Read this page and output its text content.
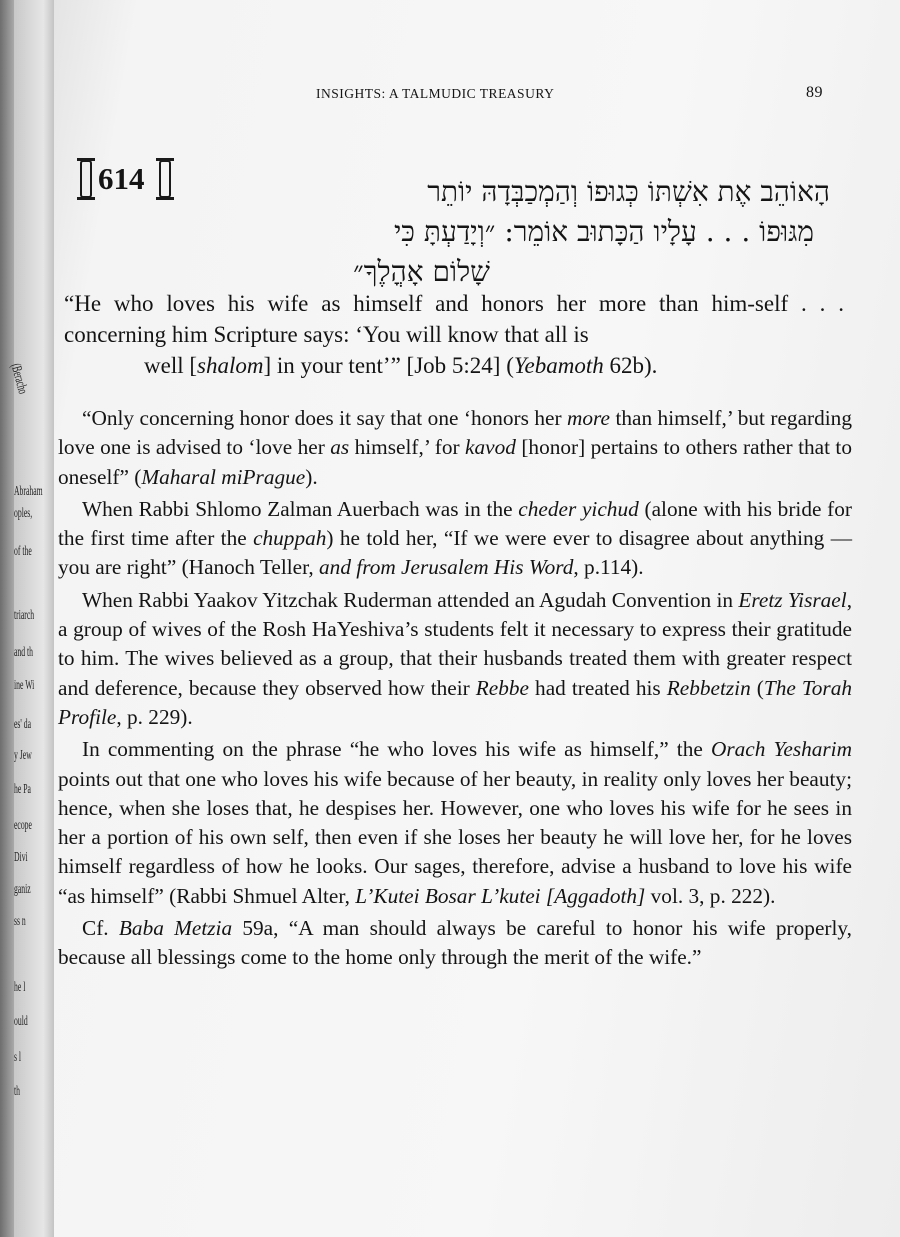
(Beracho
Abraham
oples,
of the
triarch
and th
ine Wi
es' da
y Jew
he Pa
ecope
Divi
ganiz
ss n
he l
ould
s l
th
INSIGHTS: A TALMUDIC TREASURY	89
614	הָאוֹהֵב אֶת אִשְׁתּוֹ כְּגוּפוֹ וְהַמְכַבְּדָהּ יוֹתֵר
מִגּוּפוֹ . . . עָלָיו הַכָּתוּב אוֹמֵר: ״וְיָדַעְתָּ כִּי
שָׁלוֹם אָהֳלֶךָ״
“He who loves his wife as himself and honors her more than him-self . . . concerning him Scripture says: ‘You will know that all is
well [shalom] in your tent’” [Job 5:24] (Yebamoth 62b).

“Only concerning honor does it say that one ‘honors her more than himself,’ but regarding love one is advised to ‘love her as himself,’ for kavod [honor] pertains to others rather that to oneself” (Maharal miPrague).

When Rabbi Shlomo Zalman Auerbach was in the cheder yichud (alone with his bride for the first time after the chuppah) he told her, “If we were ever to disagree about anything — you are right” (Hanoch Teller, and from Jerusalem His Word, p.114).

When Rabbi Yaakov Yitzchak Ruderman attended an Agudah Convention in Eretz Yisrael, a group of wives of the Rosh HaYeshiva’s students felt it necessary to express their gratitude to him. The wives believed as a group, that their husbands treated them with greater respect and deference, because they observed how their Rebbe had treated his Rebbetzin (The Torah Profile, p. 229).

In commenting on the phrase “he who loves his wife as himself,” the Orach Yesharim points out that one who loves his wife because of her beauty, in reality only loves her beauty; hence, when she loses that, he despises her. However, one who loves his wife for he sees in her a portion of his own self, then even if she loses her beauty he will love her, for he loves himself regardless of how he looks. Our sages, therefore, advise a husband to love his wife “as himself” (Rabbi Shmuel Alter, L’Kutei Bosar L’kutei [Aggadoth] vol. 3, p. 222).

Cf. Baba Metzia 59a, “A man should always be careful to honor his wife properly, because all blessings come to the home only through the merit of the wife.”
